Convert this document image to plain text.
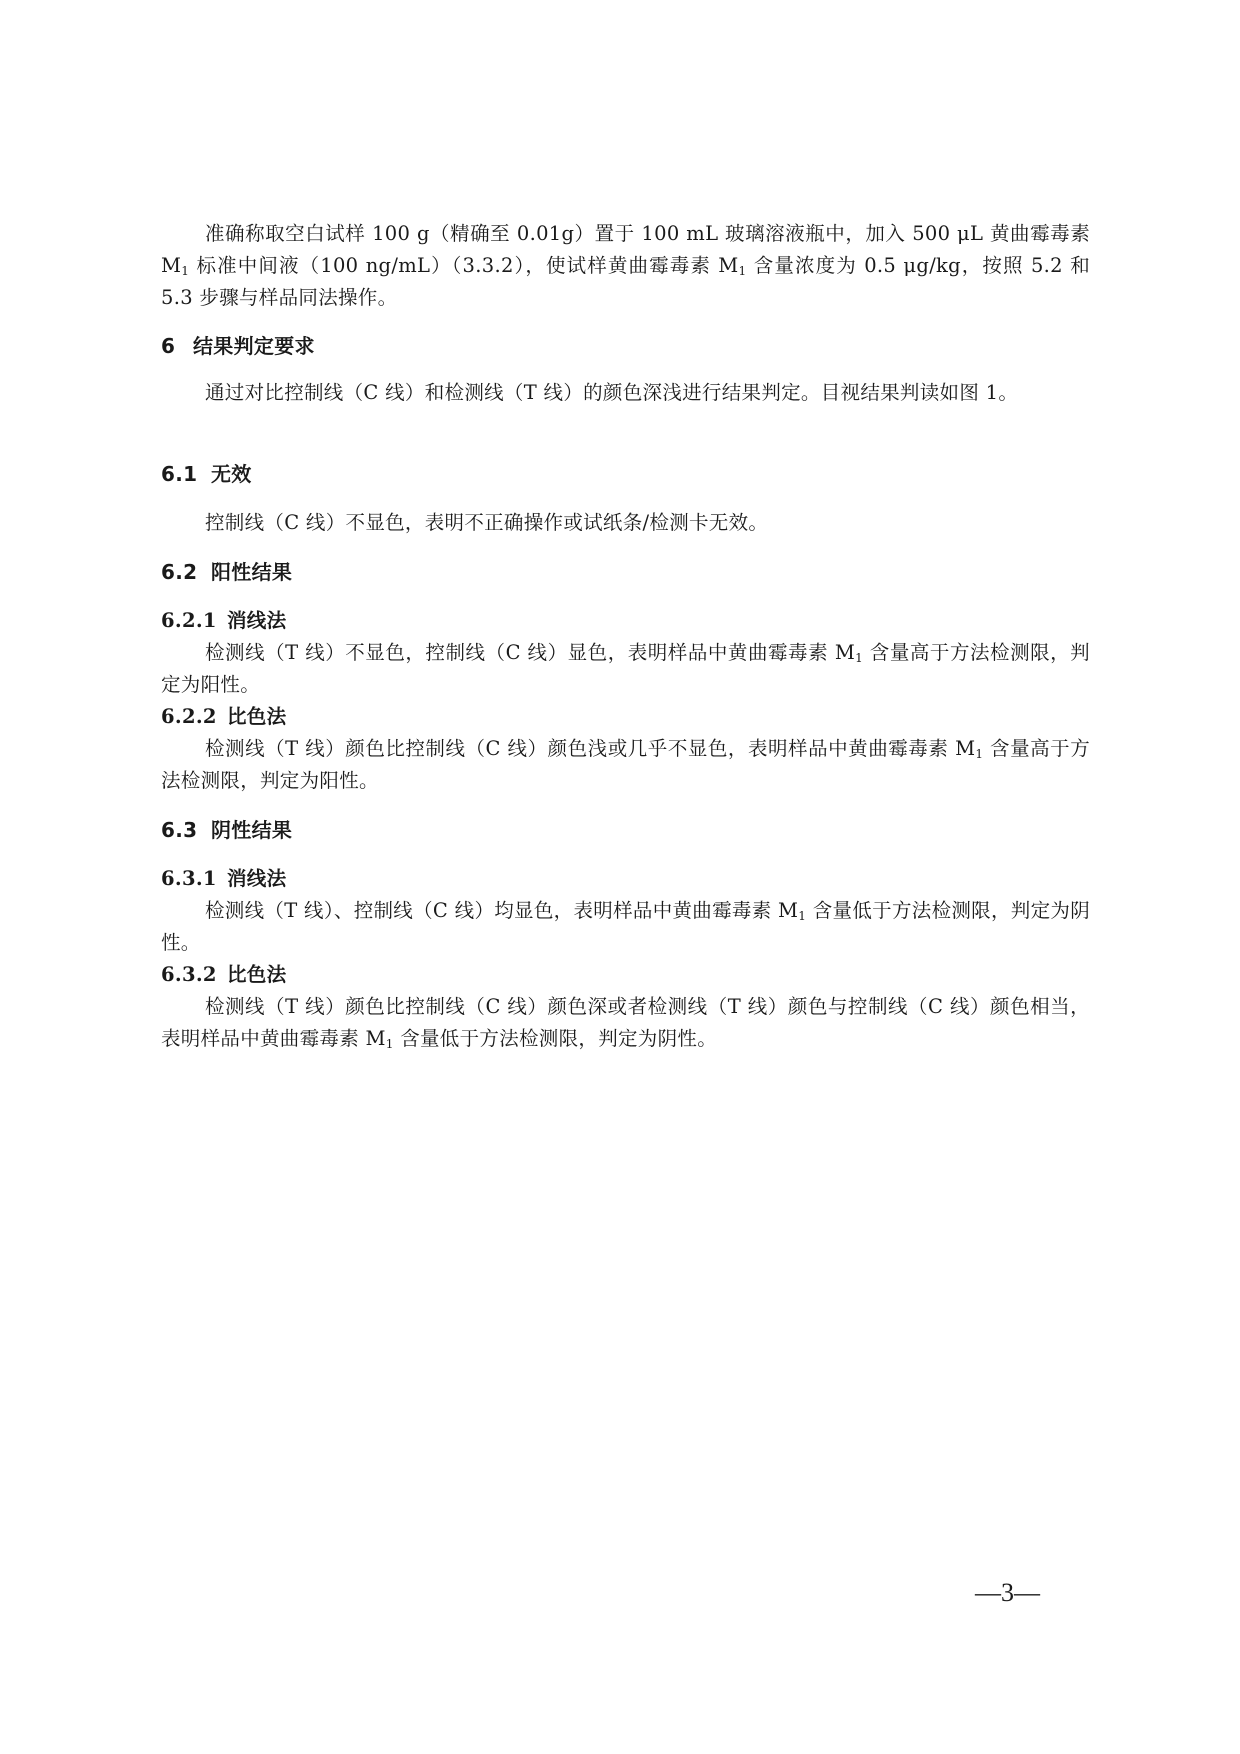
准确称取空白试样 100 g（精确至 0.01g）置于 100 mL 玻璃溶液瓶中，加入 500 μL 黄曲霉毒素 $M_1$ 标准中间液（100 ng/mL）（3.3.2），使试样黄曲霉毒素 $M_1$ 含量浓度为 0.5 μg/kg，按照 5.2 和 5.3 步骤与样品同法操作。

6 结果判定要求

通过对比控制线（C 线）和检测线（T 线）的颜色深浅进行结果判定。目视结果判读如图 1。

6.1 无效

控制线（C 线）不显色，表明不正确操作或试纸条/检测卡无效。

6.2 阳性结果
6.2.1 消线法

检测线（T 线）不显色，控制线（C 线）显色，表明样品中黄曲霉毒素 $M_1$ 含量高于方法检测限，判定为阳性。

6.2.2 比色法

检测线（T 线）颜色比控制线（C 线）颜色浅或几乎不显色，表明样品中黄曲霉毒素 $M_1$ 含量高于方法检测限，判定为阳性。

6.3 阴性结果
6.3.1 消线法

检测线（T 线）、控制线（C 线）均显色，表明样品中黄曲霉毒素 $M_1$ 含量低于方法检测限，判定为阴性。

6.3.2 比色法

检测线（T 线）颜色比控制线（C 线）颜色深或者检测线（T 线）颜色与控制线（C 线）颜色相当，表明样品中黄曲霉毒素 $M_1$ 含量低于方法检测限，判定为阴性。

—3—
